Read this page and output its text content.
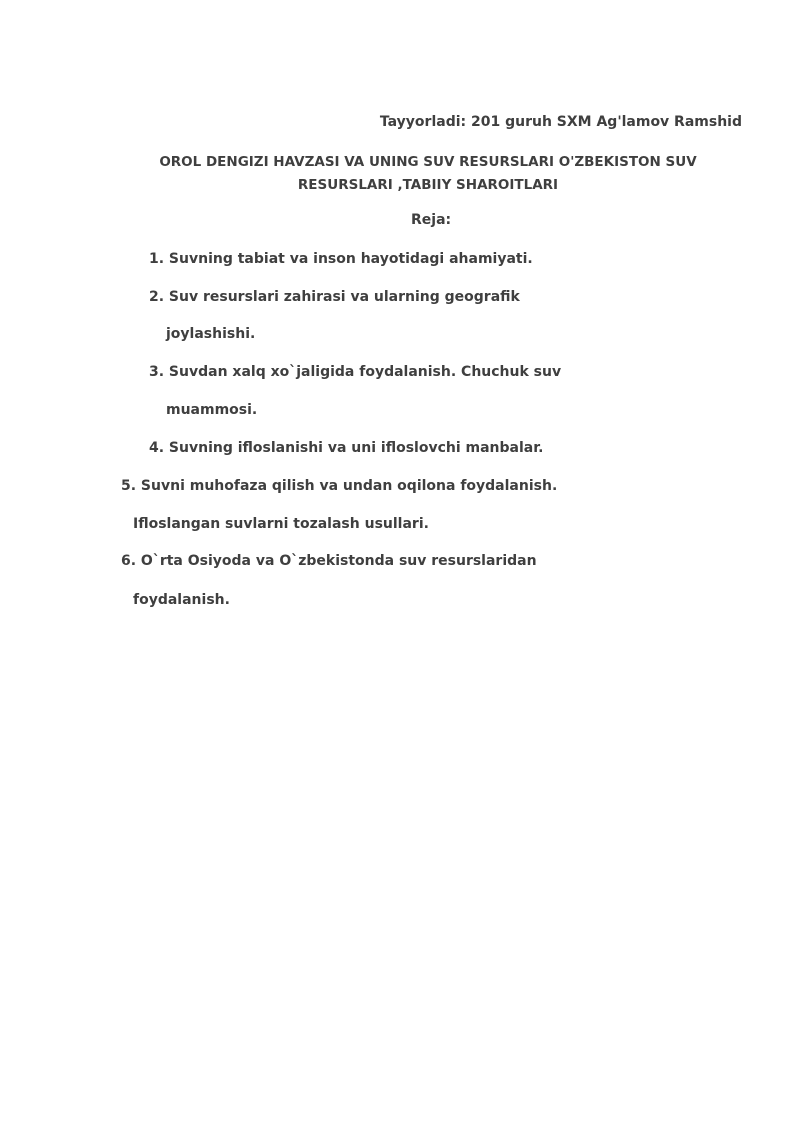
Tayyorladi: 201 guruh SXM Ag'lamov Ramshid
OROL DENGIZI HAVZASI VA UNING SUV RESURSLARI O'ZBEKISTON SUV
RESURSLARI ,TABIIY SHAROITLARI
Reja:
1. Suvning tabiat va inson hayotidagi ahamiyati.
2. Suv resurslari zahirasi va ularning geografik
joylashishi.
3. Suvdan xalq xo`jaligida foydalanish. Chuchuk suv
muammosi.
4. Suvning ifloslanishi va uni ifloslovchi manbalar.
5. Suvni muhofaza qilish va undan oqilona foydalanish.
Ifloslangan suvlarni tozalash usullari.
6. O`rta Osiyoda va O`zbekistonda suv resurslaridan
foydalanish.
